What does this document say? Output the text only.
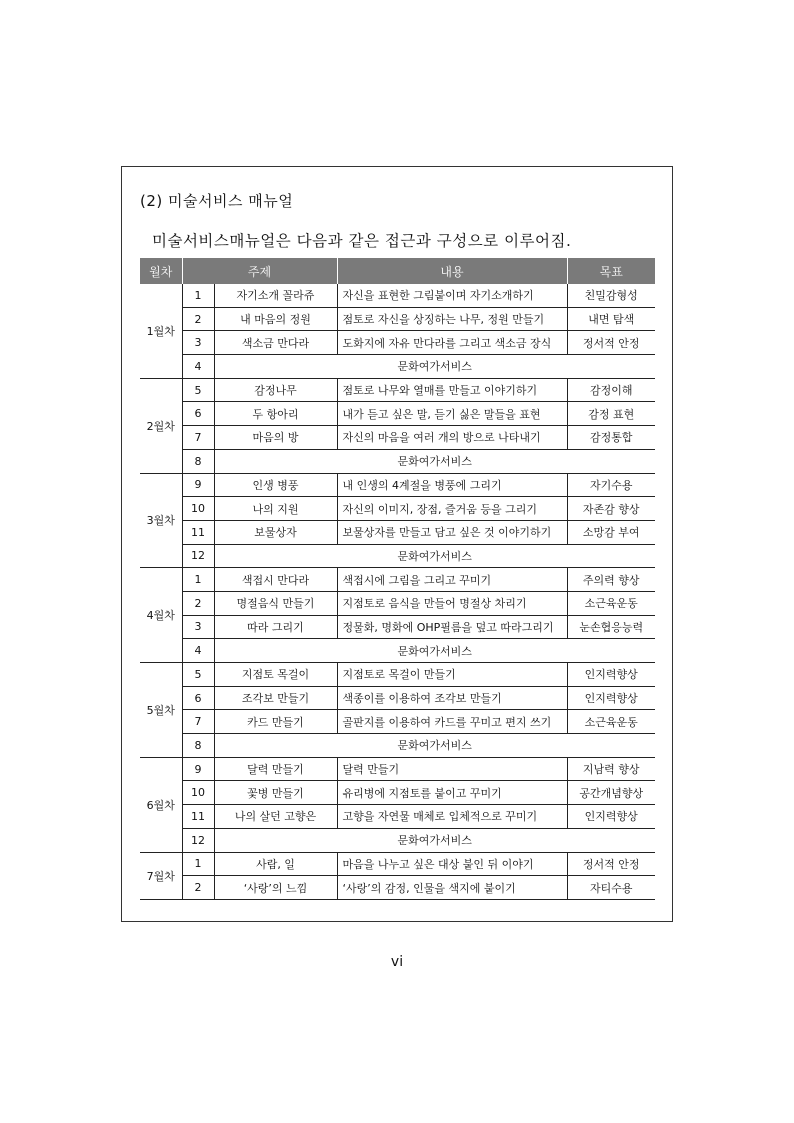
(2) 미술서비스 매뉴얼
미술서비스매뉴얼은 다음과 같은 접근과 구성으로 이루어짐.
월차	주제		내용	목표
1월차	1	자기소개 꼴라쥬	자신을 표현한 그림붙이며 자기소개하기	친밀감형성
	2	내 마음의 정원	점토로 자신을 상징하는 나무, 정원 만들기	내면 탐색
	3	색소금 만다라	도화지에 자유 만다라를 그리고 색소금 장식	정서적 안정
	4	문화여가서비스		
2월차	5	감정나무	점토로 나무와 열매를 만들고 이야기하기	감정이해
	6	두 항아리	내가 듣고 싶은 말, 듣기 싫은 말들을 표현	감정 표현
	7	마음의 방	자신의 마음을 여러 개의 방으로 나타내기	감정통합
	8	문화여가서비스		
3월차	9	인생 병풍	내 인생의 4계절을 병풍에 그리기	자기수용
	10	나의 지원	자신의 이미지, 장점, 즐거움 등을 그리기	자존감 향상
	11	보물상자	보물상자를 만들고 담고 싶은 것 이야기하기	소망감 부여
	12	문화여가서비스		
4월차	1	색접시 만다라	색접시에 그림을 그리고 꾸미기	주의력 향상
	2	명절음식 만들기	지점토로 음식을 만들어 명절상 차리기	소근육운동
	3	따라 그리기	정물화, 명화에 OHP필름을 덮고 따라그리기	눈손협응능력
	4	문화여가서비스		
5월차	5	지점토 목걸이	지점토로 목걸이 만들기	인지력향상
	6	조각보 만들기	색종이를 이용하여 조각보 만들기	인지력향상
	7	카드 만들기	골판지를 이용하여 카드를 꾸미고 편지 쓰기	소근육운동
	8	문화여가서비스		
6월차	9	달력 만들기	달력 만들기	지남력 향상
	10	꽃병 만들기	유리병에 지점토를 붙이고 꾸미기	공간개념향상
	11	나의 살던 고향은	고향을 자연물 매체로 입체적으로 꾸미기	인지력향상
	12	문화여가서비스		
7월차	1	사람, 일	마음을 나누고 싶은 대상 붙인 뒤 이야기	정서적 안정
	2	‘사랑’의 느낌	‘사랑’의 감정, 인물을 색지에 붙이기	자티수용
vi
